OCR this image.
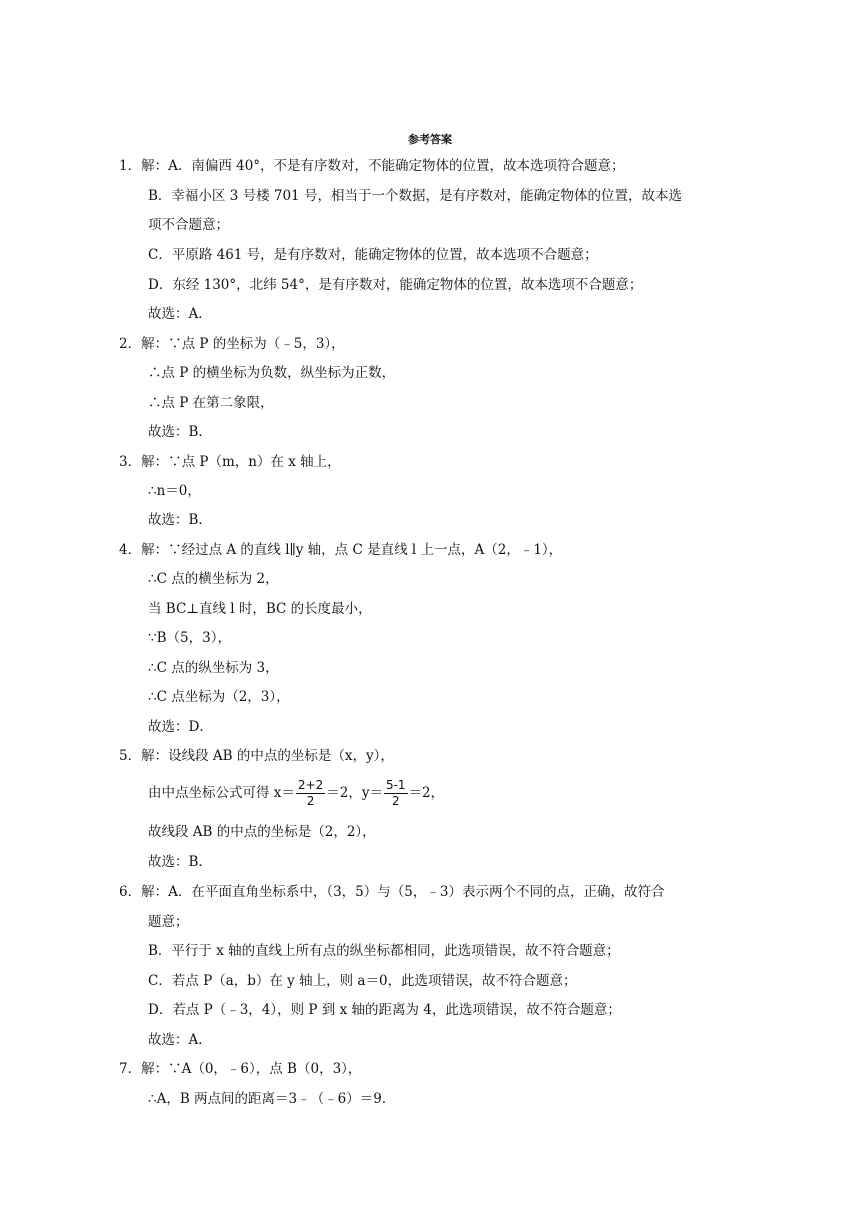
参考答案
1．解：A．南偏西 40°，不是有序数对，不能确定物体的位置，故本选项符合题意；
B．幸福小区 3 号楼 701 号，相当于一个数据，是有序数对，能确定物体的位置，故本选
项不合题意；
C．平原路 461 号，是有序数对，能确定物体的位置，故本选项不合题意；
D．东经 130°，北纬 54°，是有序数对，能确定物体的位置，故本选项不合题意；
故选：A．
2．解：∵点 P 的坐标为（﹣5，3），
∴点 P 的横坐标为负数，纵坐标为正数，
∴点 P 在第二象限，
故选：B．
3．解：∵点 P（m，n）在 x 轴上，
∴n＝0，
故选：B．
4．解：∵经过点 A 的直线 l∥y 轴，点 C 是直线 l 上一点，A（2，﹣1），
∴C 点的横坐标为 2，
当 BC⊥直线 l 时，BC 的长度最小，
∵B（5，3），
∴C 点的纵坐标为 3，
∴C 点坐标为（2，3），
故选：D．
5．解：设线段 AB 的中点的坐标是（x，y），
故线段 AB 的中点的坐标是（2，2），
故选：B．
6．解：A．在平面直角坐标系中，（3，5）与（5，﹣3）表示两个不同的点，正确，故符合
题意；
B．平行于 x 轴的直线上所有点的纵坐标都相同，此选项错误，故不符合题意；
C．若点 P（a，b）在 y 轴上，则 a＝0，此选项错误，故不符合题意；
D．若点 P（﹣3，4），则 P 到 x 轴的距离为 4，此选项错误，故不符合题意；
故选：A．
7．解：∵A（0，﹣6），点 B（0，3），
∴A，B 两点间的距离＝3﹣（﹣6）＝9．
由中点坐标公式可得 $x= \frac{2+2}{2} =2$，$y= \frac{5-1}{2} =2$，
